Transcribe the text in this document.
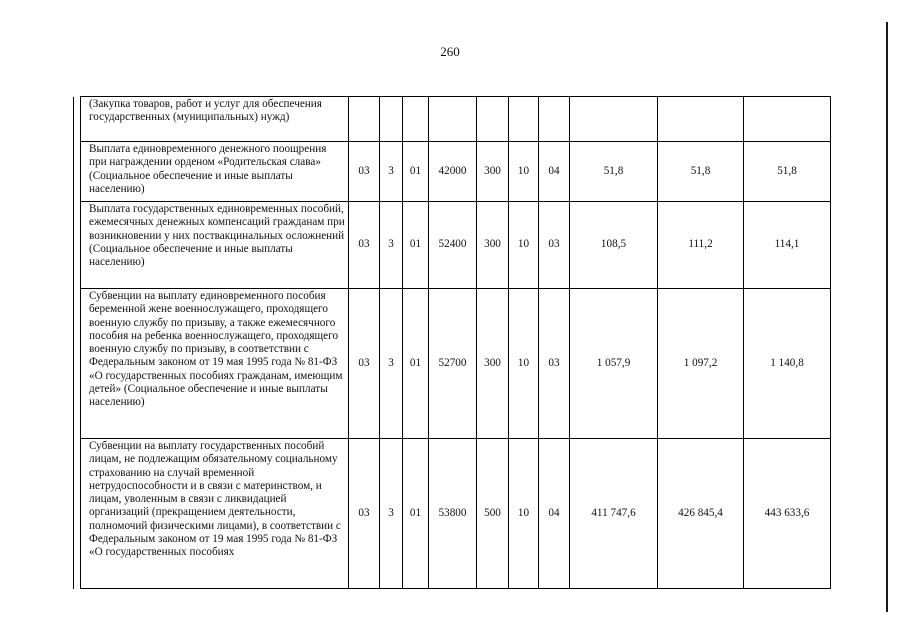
260
	(Закупка товаров, работ и услуг для обеспечения государственных (муниципальных) нужд)										
	Выплата единовременного денежного поощрения при награждении орденом «Родительская слава» (Социальное обеспечение и иные выплаты населению)	03	3	01	42000	300	10	04	51,8	51,8	51,8
	Выплата государственных единовременных пособий, ежемесячных денежных компенсаций гражданам при возникновении у них поствакцинальных осложнений (Социальное обеспечение и иные выплаты населению)	03	3	01	52400	300	10	03	108,5	111,2	114,1
	Субвенции на выплату единовременного пособия беременной жене военнослужащего, проходящего военную службу по призыву, а также ежемесячного пособия на ребенка военнослужащего, проходящего военную службу по призыву, в соответствии с Федеральным законом от 19 мая 1995 года № 81-ФЗ «О государственных пособиях гражданам, имеющим детей» (Социальное обеспечение и иные выплаты населению)	03	3	01	52700	300	10	03	1 057,9	1 097,2	1 140,8
	Субвенции на выплату государственных пособий лицам, не подлежащим обязательному социальному страхованию на случай временной нетрудоспособности и в связи с материнством, и лицам, уволенным в связи с ликвидацией организаций (прекращением деятельности, полномочий физическими лицами), в соответствии с Федеральным законом от 19 мая 1995 года № 81-ФЗ «О государственных пособиях	03	3	01	53800	500	10	04	411 747,6	426 845,4	443 633,6
